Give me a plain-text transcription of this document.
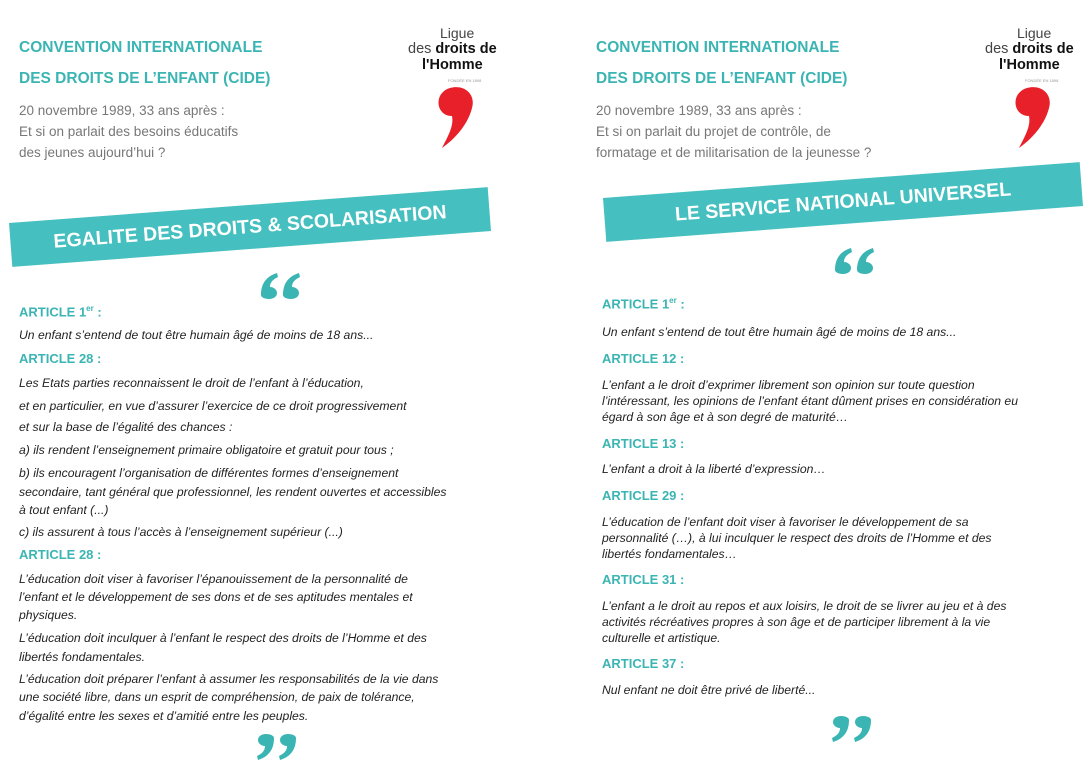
CONVENTION INTERNATIONALE
DES DROITS DE L’ENFANT (CIDE)
20 novembre 1989, 33 ans après :
Et si on parlait des besoins éducatifs
des jeunes aujourd’hui ?
Ligue
des droits de
l'Homme
FONDÉE EN 1898
EGALITE DES DROITS & SCOLARISATION
ARTICLE 1er :
Un enfant s’entend de tout être humain âgé de moins de 18 ans...
ARTICLE 28 :
Les Etats parties reconnaissent le droit de l’enfant à l’éducation,
et en particulier, en vue d’assurer l’exercice de ce droit progressivement
et sur la base de l’égalité des chances :
a) ils rendent l’enseignement primaire obligatoire et gratuit pour tous ;
b) ils encouragent l’organisation de différentes formes d’enseignement
secondaire, tant général que professionnel, les rendent ouvertes et accessibles
à tout enfant (...)
c) ils assurent à tous l’accès à l’enseignement supérieur (...)
ARTICLE 28 :
L’éducation doit viser à favoriser l’épanouissement de la personnalité de
l’enfant et le développement de ses dons et de ses aptitudes mentales et
physiques.
L’éducation doit inculquer à l’enfant le respect des droits de l’Homme et des
libertés fondamentales.
L’éducation doit préparer l’enfant à assumer les responsabilités de la vie dans
une société libre, dans un esprit de compréhension, de paix de tolérance,
d’égalité entre les sexes et d’amitié entre les peuples.
CONVENTION INTERNATIONALE
DES DROITS DE L’ENFANT (CIDE)
20 novembre 1989, 33 ans après :
Et si on parlait du projet de contrôle, de
formatage et de militarisation de la jeunesse ?
Ligue
des droits de
l'Homme
FONDÉE EN 1898
LE SERVICE NATIONAL UNIVERSEL
ARTICLE 1er :
Un enfant s’entend de tout être humain âgé de moins de 18 ans...
ARTICLE 12 :
L’enfant a le droit d’exprimer librement son opinion sur toute question
l’intéressant, les opinions de l’enfant étant dûment prises en considération eu
égard à son âge et à son degré de maturité…
ARTICLE 13 :
L’enfant a droit à la liberté d’expression…
ARTICLE 29 :
L’éducation de l’enfant doit viser à favoriser le développement de sa
personnalité (…), à lui inculquer le respect des droits de l’Homme et des
libertés fondamentales…
ARTICLE 31 :
L’enfant a le droit au repos et aux loisirs, le droit de se livrer au jeu et à des
activités récréatives propres à son âge et de participer librement à la vie
culturelle et artistique.
ARTICLE 37 :
Nul enfant ne doit être privé de liberté...
